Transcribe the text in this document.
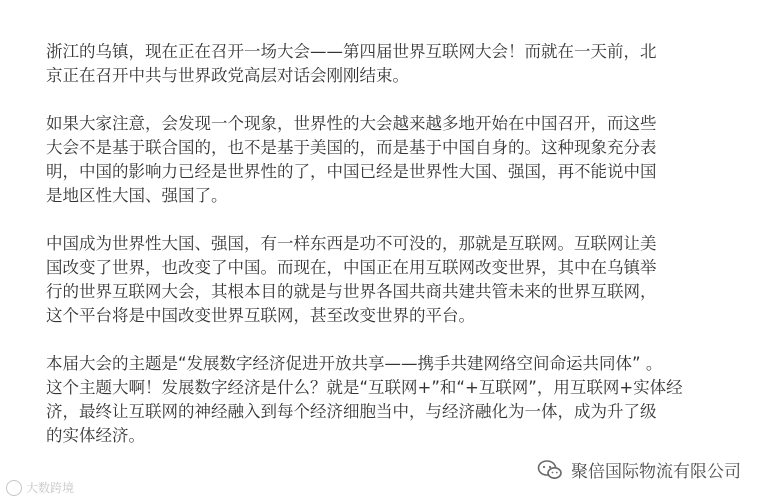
浙江的乌镇，现在正在召开一场大会——第四届世界互联网大会！而就在一天前，北
京正在召开中共与世界政党高层对话会刚刚结束。

如果大家注意，会发现一个现象，世界性的大会越来越多地开始在中国召开，而这些
大会不是基于联合国的，也不是基于美国的，而是基于中国自身的。这种现象充分表
明，中国的影响力已经是世界性的了，中国已经是世界性大国、强国，再不能说中国
是地区性大国、强国了。

中国成为世界性大国、强国，有一样东西是功不可没的，那就是互联网。互联网让美
国改变了世界，也改变了中国。而现在，中国正在用互联网改变世界，其中在乌镇举
行的世界互联网大会，其根本目的就是与世界各国共商共建共管未来的世界互联网，
这个平台将是中国改变世界互联网，甚至改变世界的平台。

本届大会的主题是“发展数字经济促进开放共享——携手共建网络空间命运共同体” 。
这个主题大啊！发展数字经济是什么？就是“互联网+”和“+互联网”，用互联网+实体经
济，最终让互联网的神经融入到每个经济细胞当中，与经济融化为一体，成为升了级
的实体经济。

大数跨境
聚倍国际物流有限公司
